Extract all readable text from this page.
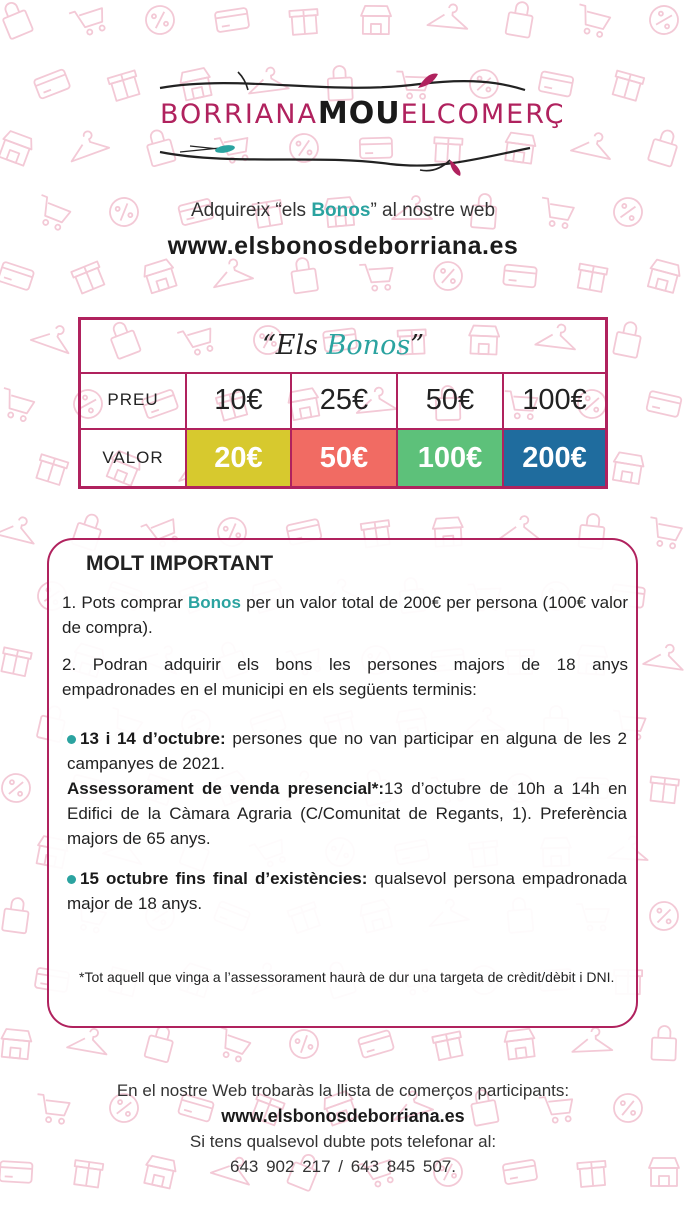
BORRIANAMOUELCOMERÇ
Adquireix “els Bonos” al nostre web
www.elsbonosdeborriana.es
“Els Bonos”
PREU	10€	25€	50€	100€
VALOR	20€	50€	100€	200€
MOLT IMPORTANT
1. Pots comprar Bonos per un valor total de 200€ per persona (100€ valor de compra).
2. Podran adquirir els bons les persones majors de 18 anys empadronades en el municipi en els següents terminis:
13 i 14 d’octubre: persones que no van participar en alguna de les 2 campanyes de 2021.
Assessorament de venda presencial*:13 d’octubre de 10h a 14h en Edifici de la Càmara Agraria (C/Comunitat de Regants, 1). Preferència majors de 65 anys.
15 octubre fins final d’existències: qualsevol persona empadronada major de 18 anys.
*Tot aquell que vinga a l’assessorament haurà de dur una targeta de crèdit/dèbit i DNI.
En el nostre Web trobaràs la llista de comerços participants:
www.elsbonosdeborriana.es
Si tens qualsevol dubte pots telefonar al:
643 902 217 / 643 845 507.
